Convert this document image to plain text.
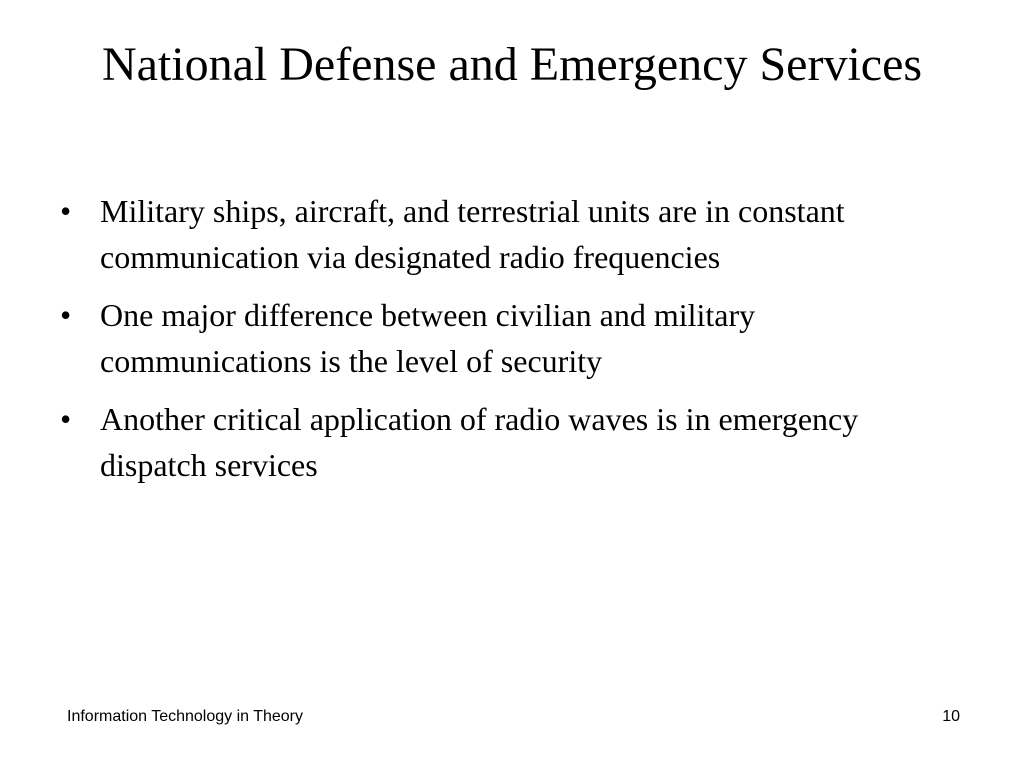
National Defense and Emergency Services
• Military ships, aircraft, and terrestrial units are in constant communication via designated radio frequencies
• One major difference between civilian and military communications is the level of security
• Another critical application of radio waves is in emergency dispatch services
Information Technology in Theory	10
